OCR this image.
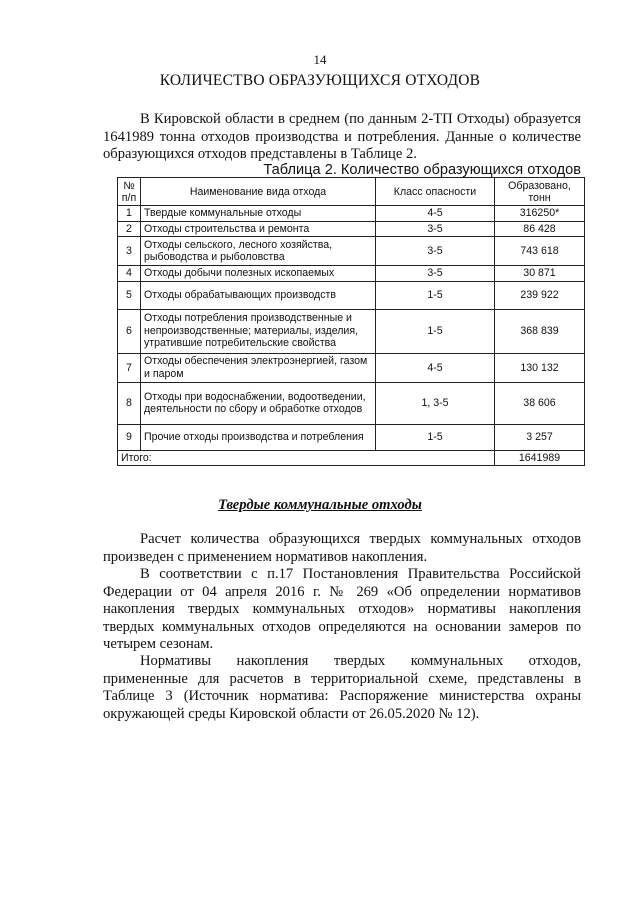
14
КОЛИЧЕСТВО ОБРАЗУЮЩИХСЯ ОТХОДОВ

В Кировской области в среднем (по данным 2-ТП Отходы) образуется 1641989 тонна отходов производства и потребления. Данные о количестве образующихся отходов представлены в Таблице 2.

Таблица 2. Количество образующихся отходов
№ п/п	Наименование вида отхода	Класс опасности	Образовано, тонн
1	Твердые коммунальные отходы	4-5	316250*
2	Отходы строительства и ремонта	3-5	86 428
3	Отходы сельского, лесного хозяйства, рыбоводства и рыболовства	3-5	743 618
4	Отходы добычи полезных ископаемых	3-5	30 871
5	Отходы обрабатывающих производств	1-5	239 922
6	Отходы потребления производственные и непроизводственные; материалы, изделия, утратившие потребительские свойства	1-5	368 839
7	Отходы обеспечения электроэнергией, газом и паром	4-5	130 132
8	Отходы при водоснабжении, водоотведении, деятельности по сбору и обработке отходов	1, 3-5	38 606
9	Прочие отходы производства и потребления	1-5	3 257
Итого:			1641989
Твердые коммунальные отходы

Расчет количества образующихся твердых коммунальных отходов произведен с применением нормативов накопления.

В соответствии с п.17 Постановления Правительства Российской Федерации от 04 апреля 2016 г. № 269 «Об определении нормативов накопления твердых коммунальных отходов» нормативы накопления твердых коммунальных отходов определяются на основании замеров по четырем сезонам.

Нормативы накопления твердых коммунальных отходов, примененные для расчетов в территориальной схеме, представлены в Таблице 3 (Источник норматива: Распоряжение министерства охраны окружающей среды Кировской области от 26.05.2020 № 12).
